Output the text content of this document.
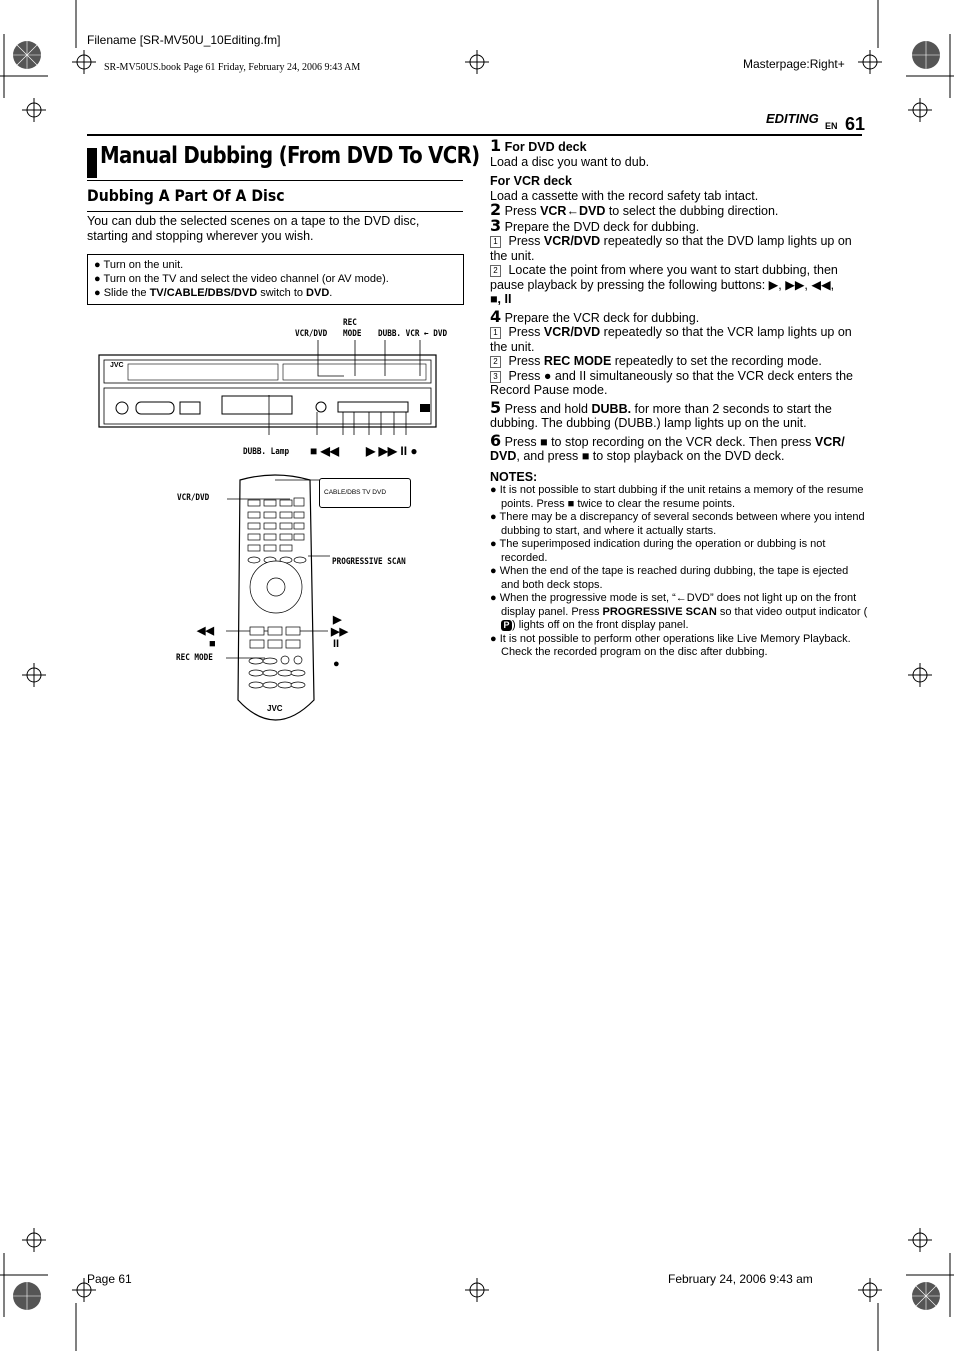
Filename [SR-MV50U_10Editing.fm]
SR-MV50US.book Page 61 Friday, February 24, 2006 9:43 AM	Masterpage:Right+
EDITING EN 61
Manual Dubbing (From DVD To VCR)
Dubbing A Part Of A Disc
You can dub the selected scenes on a tape to the DVD disc, starting and stopping wherever you wish.
● Turn on the unit.
● Turn on the TV and select the video channel (or AV mode).
● Slide the TV/CABLE/DBS/DVD switch to DVD.
REC
VCR/DVD MODE DUBB. VCR ← DVD
JVC
DUBB. Lamp ■ ◀◀ ▶ ▶▶ II ●
VCR/DVD
CABLE/DBS TV DVD
PROGRESSIVE SCAN
JVC
◀◀
■
REC MODE
▶
▶▶
II
●
1 For DVD deck
Load a disc you want to dub.
For VCR deck
Load a cassette with the record safety tab intact.
2 Press VCR←DVD to select the dubbing direction.
3 Prepare the DVD deck for dubbing.
1 Press VCR/DVD repeatedly so that the DVD lamp lights up on the unit.
2 Locate the point from where you want to start dubbing, then pause playback by pressing the following buttons: ▶, ▶▶, ◀◀,
■, II
4 Prepare the VCR deck for dubbing.
1 Press VCR/DVD repeatedly so that the VCR lamp lights up on the unit.
2 Press REC MODE repeatedly to set the recording mode.
3 Press ● and II simultaneously so that the VCR deck enters the Record Pause mode.
5 Press and hold DUBB. for more than 2 seconds to start the dubbing. The dubbing (DUBB.) lamp lights up on the unit.
6 Press ■ to stop recording on the VCR deck. Then press VCR/ DVD, and press ■ to stop playback on the DVD deck.
NOTES:
● It is not possible to start dubbing if the unit retains a memory of the resume points. Press ■ twice to clear the resume points.
● There may be a discrepancy of several seconds between where you intend dubbing to start, and where it actually starts.
● The superimposed indication during the operation or dubbing is not recorded.
● When the end of the tape is reached during dubbing, the tape is ejected and both deck stops.
● When the progressive mode is set, “←DVD” does not light up on the front display panel. Press PROGRESSIVE SCAN so that video output indicator (P ) lights off on the front display panel.
● It is not possible to perform other operations like Live Memory Playback. Check the recorded program on the disc after dubbing.
Page 61	February 24, 2006 9:43 am
